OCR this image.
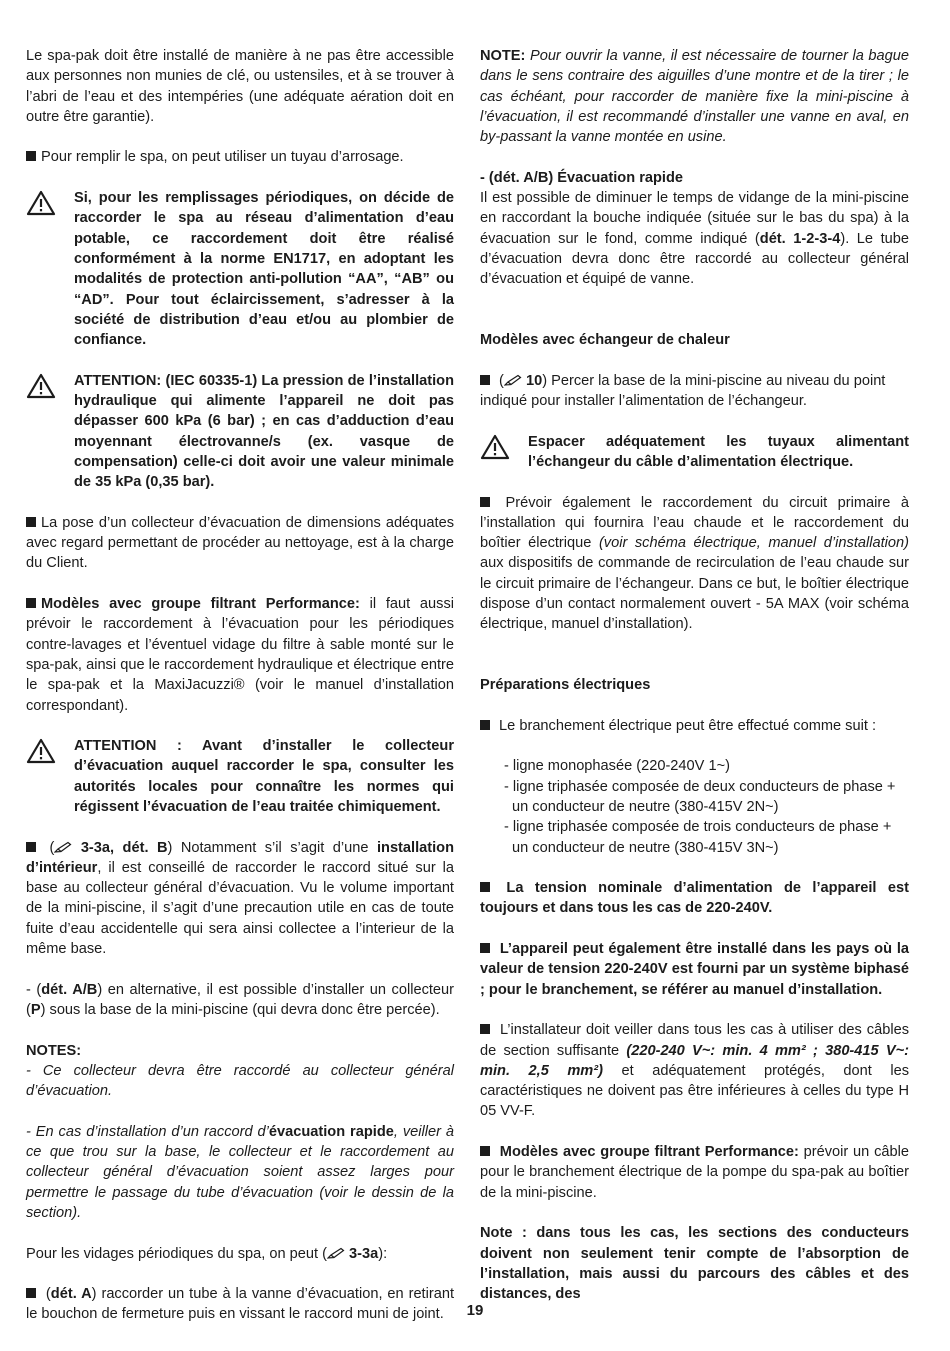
Le spa-pak doit être installé de manière à ne pas être accessible aux personnes non munies de clé, ou ustensiles, et à se trouver à l’abri de l’eau et des intempéries (une adéquate aération doit en outre être garantie).

Pour remplir le spa, on peut utiliser un tuyau d’arrosage.

Si, pour les remplissages périodiques, on décide de raccorder le spa au réseau d’alimentation d’eau potable, ce raccordement doit être réalisé conformément à la norme EN1717, en adoptant les modalités de protection anti-pollution “AA”, “AB” ou “AD”. Pour tout éclaircissement, s’adresser à la société de distribution d’eau et/ou au plombier de confiance.
ATTENTION: (IEC 60335-1) La pression de l’installation hydraulique qui alimente l’appareil ne doit pas dépasser 600 kPa (6 bar) ; en cas d’adduction d’eau moyennant électrovanne/s (ex. vasque de compensation) celle-ci doit avoir une valeur minimale de 35 kPa (0,35 bar).

La pose d’un collecteur d’évacuation de dimensions adéquates avec regard permettant de procéder au nettoyage, est à la charge du Client.

Modèles avec groupe filtrant Performance: il faut aussi prévoir le raccordement à l’évacuation pour les périodiques contre-lavages et l’éventuel vidage du filtre à sable monté sur le spa-pak, ainsi que le raccordement hydraulique et électrique entre le spa-pak et la MaxiJacuzzi® (voir le manuel d’installation correspondant).

ATTENTION : Avant d’installer le collecteur d’évacuation auquel raccorder le spa, consulter les autorités locales pour connaître les normes qui régissent l’évacuation de l’eau traitée chimiquement.

( 3-3a, dét. B) Notamment s’il s’agit d’une installation d’intérieur, il est conseillé de raccorder le raccord situé sur la base au collecteur général d’évacuation. Vu le volume important de la mini-piscine, il s’agit d’une precaution utile en cas de toute fuite d’eau accidentelle qui sera ainsi collectee a l’interieur de la même base.

- (dét. A/B) en alternative, il est possible d’installer un collecteur (P) sous la base de la mini-piscine (qui devra donc être percée).

NOTES:

- Ce collecteur devra être raccordé au collecteur général d’évacuation.

- En cas d’installation d’un raccord d’évacuation rapide, veiller à ce que trou sur la base, le collecteur et le raccordement au collecteur général d’évacuation soient assez larges pour permettre le passage du tube d’évacuation (voir le dessin de la section).

Pour les vidages périodiques du spa, on peut ( 3-3a):

(dét. A) raccorder un tube à la vanne d’évacuation, en retirant le bouchon de fermeture puis en vissant le raccord muni de joint.

NOTE: Pour ouvrir la vanne, il est nécessaire de tourner la bague dans le sens contraire des aiguilles d’une montre et de la tirer ; le cas échéant, pour raccorder de manière fixe la mini-piscine à l’évacuation, il est recommandé d’installer une vanne en aval, en by-passant la vanne montée en usine.

- (dét. A/B) Évacuation rapide

Il est possible de diminuer le temps de vidange de la mini-piscine en raccordant la bouche indiquée (située sur le bas du spa) à la évacuation sur le fond, comme indiqué (dét. 1-2-3-4). Le tube d’évacuation devra donc être raccordé au collecteur général d’évacuation et équipé de vanne.

Modèles avec échangeur de chaleur

( 10) Percer la base de la mini-piscine au niveau du point indiqué pour installer l’alimentation de l’échangeur.

Espacer adéquatement les tuyaux alimentant l’échangeur du câble d’alimentation électrique.

Prévoir également le raccordement du circuit primaire à l’installation qui fournira l’eau chaude et le raccordement du boîtier électrique (voir schéma électrique, manuel d’installation) aux dispositifs de commande de recirculation de l’eau chaude sur le circuit primaire de l’échangeur. Dans ce but, le boîtier électrique dispose d’un contact normalement ouvert - 5A MAX (voir schéma électrique, manuel d’installation).

Préparations électriques

Le branchement électrique peut être effectué comme suit :

- ligne monophasée (220-240V 1~)
- ligne triphasée composée de deux conducteurs de phase + un conducteur de neutre (380-415V 2N~)
- ligne triphasée composée de trois conducteurs de phase + un conducteur de neutre (380-415V 3N~)

La tension nominale d’alimentation de l’appareil est toujours et dans tous les cas de 220-240V.

L’appareil peut également être installé dans les pays où la valeur de tension 220-240V est fourni par un système biphasé ; pour le branchement, se référer au manuel d’installation.

L’installateur doit veiller dans tous les cas à utiliser des câbles de section suffisante (220-240 V~: min. 4 mm² ; 380-415 V~: min. 2,5 mm²) et adéquatement protégés, dont les caractéristiques ne doivent pas être inférieures à celles du type H 05 VV-F.

Modèles avec groupe filtrant Performance: prévoir un câble pour le branchement électrique de la pompe du spa-pak au boîtier de la mini-piscine.

Note : dans tous les cas, les sections des conducteurs doivent non seulement tenir compte de l’absorption de l’installation, mais aussi du parcours des câbles et des distances, des

19
